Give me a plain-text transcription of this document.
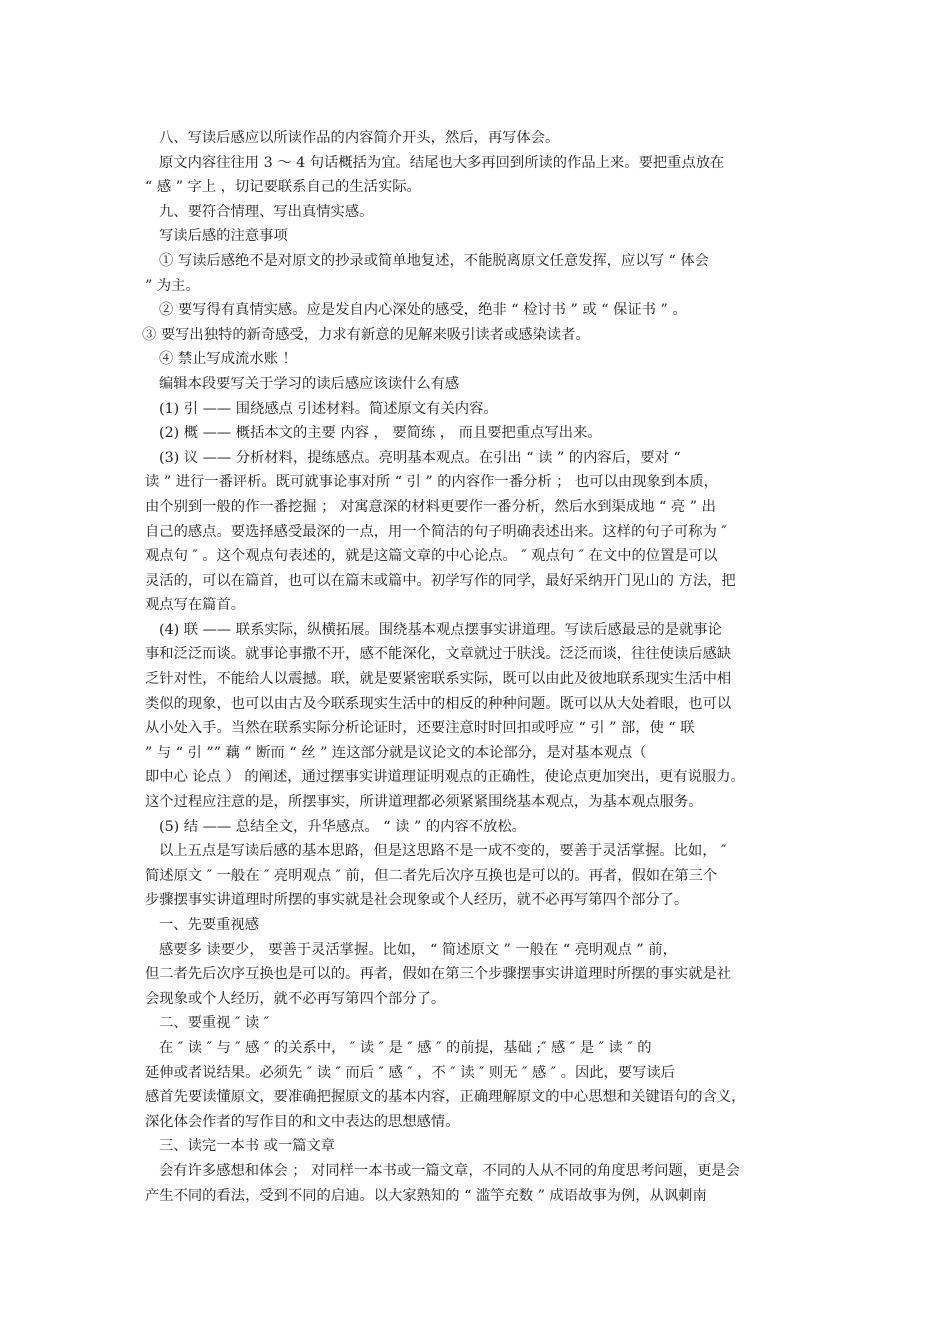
八、写读后感应以所读作品的内容简介开头，然后，再写体会。
原文内容往往用 3 ～ 4 句话概括为宜。结尾也大多再回到所读的作品上来。要把重点放在
“ 感 ” 字上 ，切记要联系自己的生活实际。
九、要符合情理、写出真情实感。
写读后感的注意事项
① 写读后感绝不是对原文的抄录或简单地复述，不能脱离原文任意发挥，应以写 “ 体会
” 为主。
② 要写得有真情实感。应是发自内心深处的感受，绝非 “ 检讨书 ” 或 “ 保证书 ” 。
③ 要写出独特的新奇感受，力求有新意的见解来吸引读者或感染读者。
④ 禁止写成流水账 ！
编辑本段要写关于学习的读后感应该读什么有感
(1) 引 —— 围绕感点 引述材料。简述原文有关内容。
(2) 概 —— 概括本文的主要 内容 ， 要简练 ， 而且要把重点写出来。
(3) 议 —— 分析材料，提练感点。亮明基本观点。在引出 “ 读 ” 的内容后，要对 “
读 ” 进行一番评析。既可就事论事对所 “ 引 ” 的内容作一番分析 ； 也可以由现象到本质，
由个别到一般的作一番挖掘 ； 对寓意深的材料更要作一番分析，然后水到渠成地 “ 亮 ” 出
自己的感点。要选择感受最深的一点，用一个简洁的句子明确表述出来。这样的句子可称为 ″
观点句 ″ 。这个观点句表述的，就是这篇文章的中心论点。 ″ 观点句 ″ 在文中的位置是可以
灵活的，可以在篇首，也可以在篇末或篇中。初学写作的同学，最好采纳开门见山的 方法，把
观点写在篇首。
(4) 联 —— 联系实际，纵横拓展。围绕基本观点摆事实讲道理。写读后感最忌的是就事论
事和泛泛而谈。就事论事撒不开，感不能深化，文章就过于肤浅。泛泛而谈，往往使读后感缺
乏针对性，不能给人以震撼。联，就是要紧密联系实际，既可以由此及彼地联系现实生活中相
类似的现象，也可以由古及今联系现实生活中的相反的种种问题。既可以从大处着眼，也可以
从小处入手。当然在联系实际分析论证时，还要注意时时回扣或呼应 “ 引 ” 部，使 “ 联
” 与 “ 引 ”” 藕 ” 断而 “ 丝 ” 连这部分就是议论文的本论部分，是对基本观点（
即中心 论点 ） 的阐述，通过摆事实讲道理证明观点的正确性，使论点更加突出，更有说服力。
这个过程应注意的是，所摆事实，所讲道理都必须紧紧围绕基本观点，为基本观点服务。
(5) 结 —— 总结全文，升华感点。 “ 读 ” 的内容不放松。
以上五点是写读后感的基本思路，但是这思路不是一成不变的，要善于灵活掌握。比如， ″
简述原文 ″ 一般在 ″ 亮明观点 ″ 前，但二者先后次序互换也是可以的。再者，假如在第三个
步骤摆事实讲道理时所摆的事实就是社会现象或个人经历，就不必再写第四个部分了。
一、先要重视感
感要多 读要少， 要善于灵活掌握。比如， “ 简述原文 ” 一般在 “ 亮明观点 ” 前，
但二者先后次序互换也是可以的。再者，假如在第三个步骤摆事实讲道理时所摆的事实就是社
会现象或个人经历，就不必再写第四个部分了。
二、要重视 ″ 读 ″
在 ″ 读 ″ 与 ″ 感 ″ 的关系中， ″ 读 ″ 是 ″ 感 ″ 的前提，基础 ;″ 感 ″ 是 ″ 读 ″ 的
延伸或者说结果。必须先 ″ 读 ″ 而后 ″ 感 ″ ，不 ″ 读 ″ 则无 ″ 感 ″ 。因此，要写读后
感首先要读懂原文，要准确把握原文的基本内容，正确理解原文的中心思想和关键语句的含义，
深化体会作者的写作目的和文中表达的思想感情。
三、读完一本书 或一篇文章
会有许多感想和体会 ； 对同样一本书或一篇文章，不同的人从不同的角度思考问题，更是会
产生不同的看法，受到不同的启迪。以大家熟知的 “ 滥竽充数 ” 成语故事为例，从讽刺南
